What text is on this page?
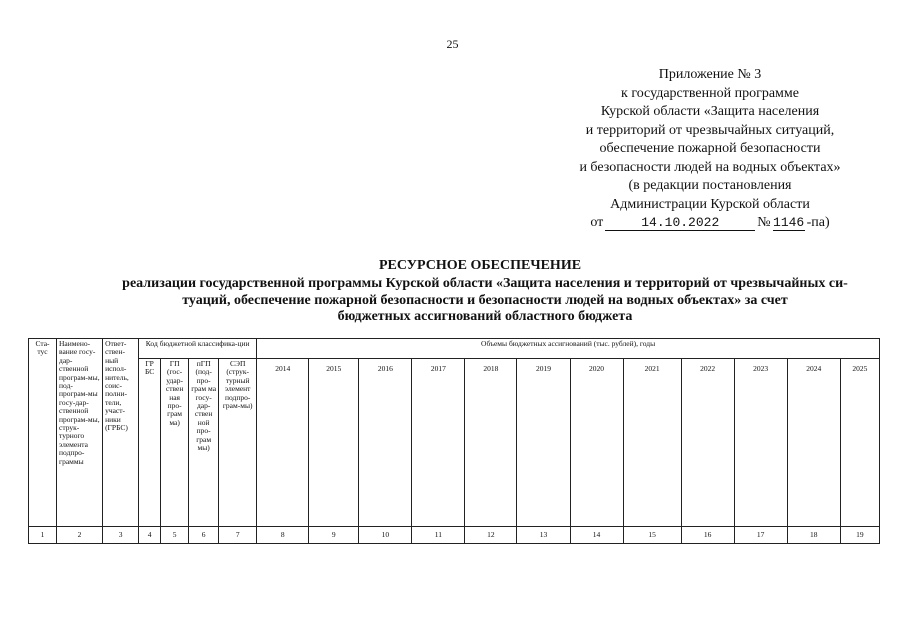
25
Приложение № 3
к государственной программе
Курской области «Защита населения
и территорий от чрезвычайных ситуаций,
обеспечение пожарной безопасности
и безопасности людей на водных объектах»
(в редакции постановления
Администрации Курской области
от	14.10.2022	№ 1146 -па)
РЕСУРСНОЕ ОБЕСПЕЧЕНИЕ
реализации государственной программы Курской области «Защита населения и территорий от чрезвычайных си-
туаций, обеспечение пожарной безопасности и безопасности людей на водных объектах» за счет
бюджетных ассигнований областного бюджета
Ста-тус	Наимено-вание госу-дар-ственной програм-мы, под-програм-мы госу-дар-ственной програм-мы, струк-турного элемента подпро-граммы	Ответ-ствен-ный испол-нитель, соис-полни-тели, участ-ники (ГРБС)	Код бюджетной классифика-ции				Объемы бюджетных ассигнований (тыс. рублей), годы											
			ГР БС	ГП (гос-удар-ствен ная про-грам ма)	пГП (под-про-грам ма госу-дар-ствен ной про-грам мы)	СЭП (струк-турный элемент подпро-грам-мы)	2014	2015	2016	2017	2018	2019	2020	2021	2022	2023	2024	2025
1	2	3	4	5	6	7	8	9	10	11	12	13	14	15	16	17	18	19
